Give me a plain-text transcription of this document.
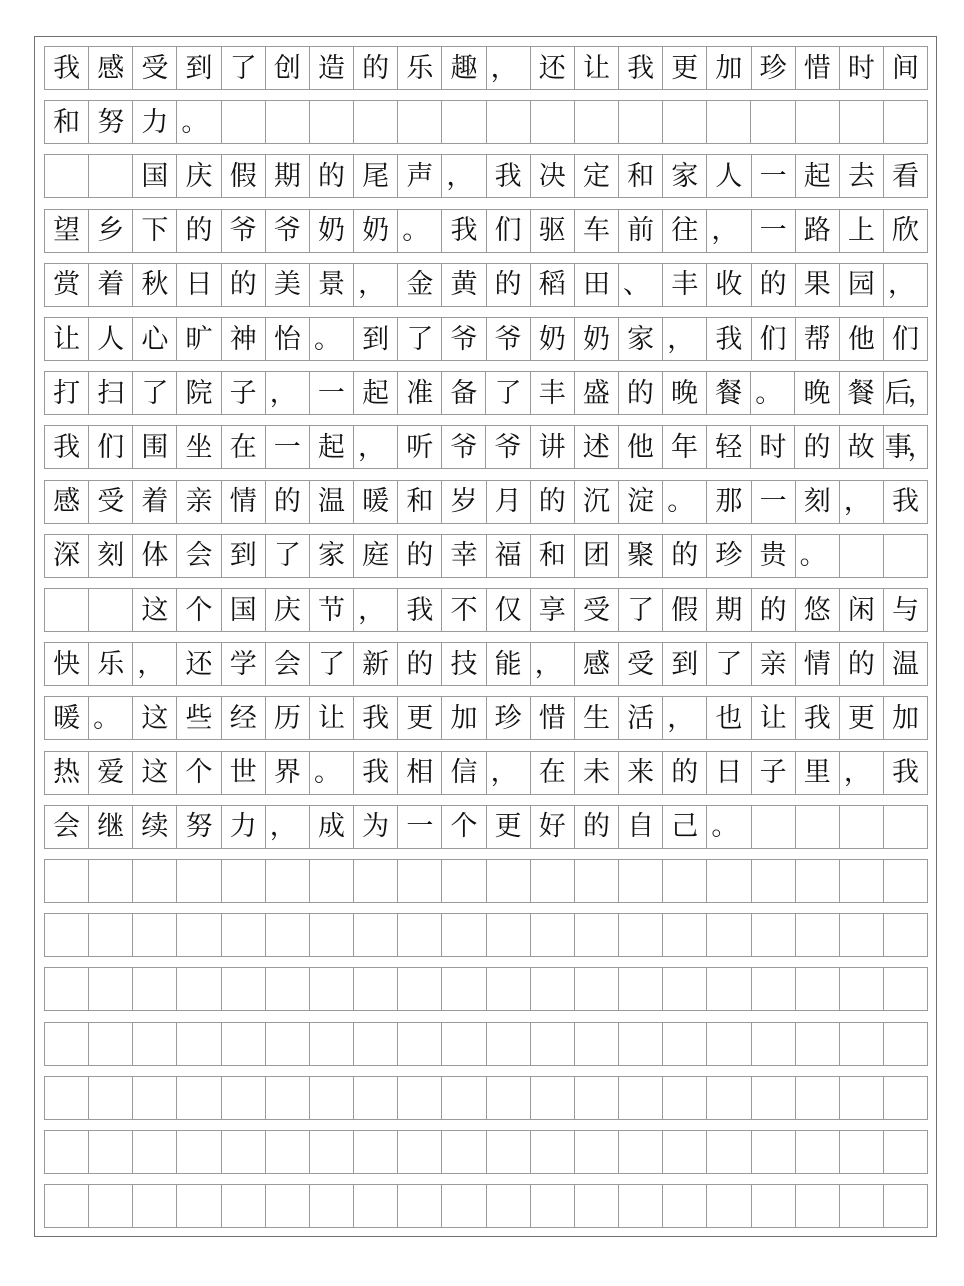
我 感 受 到 了 创 造 的 乐 趣 ， 还 让 我 更 加 珍 惜 时 间
和 努 力 。
国 庆 假 期 的 尾 声 ， 我 决 定 和 家 人 一 起 去 看
望 乡 下 的 爷 爷 奶 奶 。 我 们 驱 车 前 往 ， 一 路 上 欣
赏 着 秋 日 的 美 景 ， 金 黄 的 稻 田 、 丰 收 的 果 园 ，
让 人 心 旷 神 怡 。 到 了 爷 爷 奶 奶 家 ， 我 们 帮 他 们
打 扫 了 院 子 ， 一 起 准 备 了 丰 盛 的 晚 餐 。 晚 餐 后，
我 们 围 坐 在 一 起 ， 听 爷 爷 讲 述 他 年 轻 时 的 故 事，
感 受 着 亲 情 的 温 暖 和 岁 月 的 沉 淀 。 那 一 刻 ， 我
深 刻 体 会 到 了 家 庭 的 幸 福 和 团 聚 的 珍 贵 。
这 个 国 庆 节 ， 我 不 仅 享 受 了 假 期 的 悠 闲 与
快 乐 ， 还 学 会 了 新 的 技 能 ， 感 受 到 了 亲 情 的 温
暖 。 这 些 经 历 让 我 更 加 珍 惜 生 活 ， 也 让 我 更 加
热 爱 这 个 世 界 。 我 相 信 ， 在 未 来 的 日 子 里 ， 我
会 继 续 努 力 ， 成 为 一 个 更 好 的 自 己 。
